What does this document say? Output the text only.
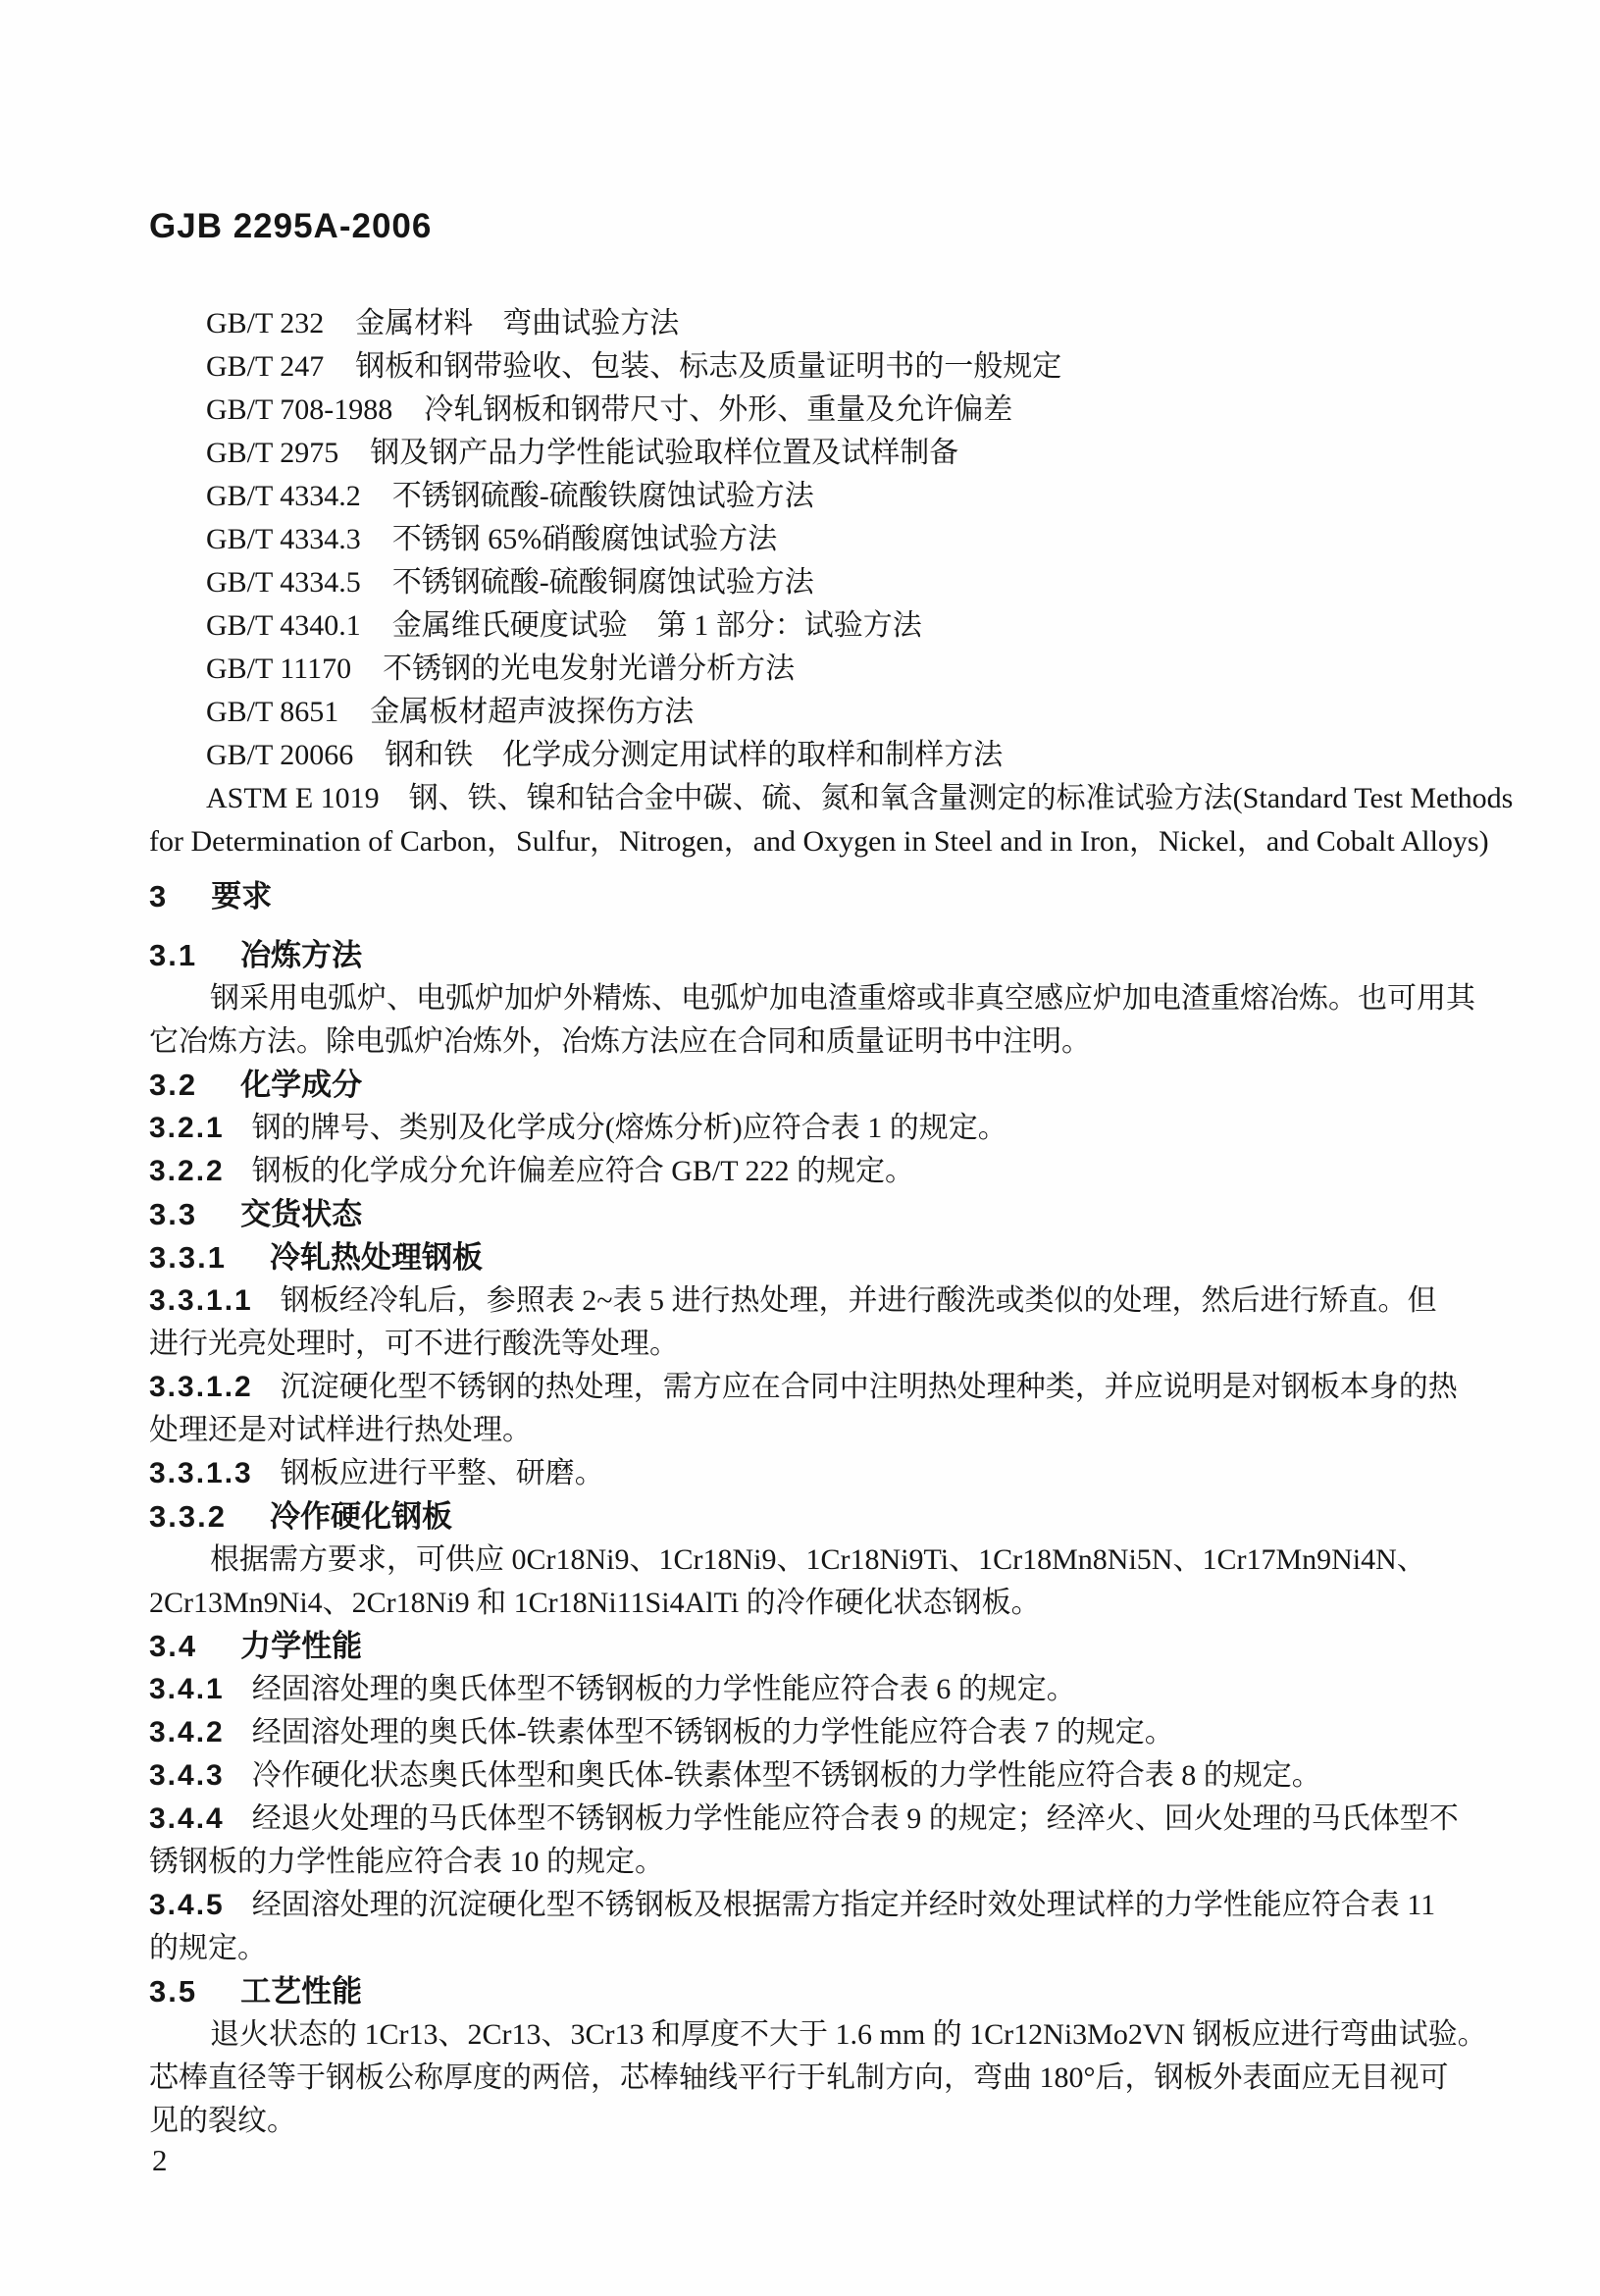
GJB 2295A-2006
GB/T 232 金属材料　弯曲试验方法
GB/T 247 钢板和钢带验收、包装、标志及质量证明书的一般规定
GB/T 708-1988 冷轧钢板和钢带尺寸、外形、重量及允许偏差
GB/T 2975 钢及钢产品力学性能试验取样位置及试样制备
GB/T 4334.2 不锈钢硫酸-硫酸铁腐蚀试验方法
GB/T 4334.3 不锈钢 65%硝酸腐蚀试验方法
GB/T 4334.5 不锈钢硫酸-硫酸铜腐蚀试验方法
GB/T 4340.1 金属维氏硬度试验　第 1 部分：试验方法
GB/T 11170 不锈钢的光电发射光谱分析方法
GB/T 8651 金属板材超声波探伤方法
GB/T 20066 钢和铁　化学成分测定用试样的取样和制样方法
ASTM E 1019 钢、铁、镍和钴合金中碳、硫、氮和氧含量测定的标准试验方法(Standard Test Methods
for Determination of Carbon，Sulfur，Nitrogen，and Oxygen in Steel and in Iron，Nickel，and Cobalt Alloys)
3 要求
3.1 冶炼方法
钢采用电弧炉、电弧炉加炉外精炼、电弧炉加电渣重熔或非真空感应炉加电渣重熔冶炼。也可用其
它冶炼方法。除电弧炉冶炼外，冶炼方法应在合同和质量证明书中注明。
3.2 化学成分
3.2.1 钢的牌号、类别及化学成分(熔炼分析)应符合表 1 的规定。
3.2.2 钢板的化学成分允许偏差应符合 GB/T 222 的规定。
3.3 交货状态
3.3.1 冷轧热处理钢板
3.3.1.1 钢板经冷轧后，参照表 2~表 5 进行热处理，并进行酸洗或类似的处理，然后进行矫直。但
进行光亮处理时，可不进行酸洗等处理。
3.3.1.2 沉淀硬化型不锈钢的热处理，需方应在合同中注明热处理种类，并应说明是对钢板本身的热
处理还是对试样进行热处理。
3.3.1.3 钢板应进行平整、研磨。
3.3.2 冷作硬化钢板
根据需方要求，可供应 0Cr18Ni9、1Cr18Ni9、1Cr18Ni9Ti、1Cr18Mn8Ni5N、1Cr17Mn9Ni4N、
2Cr13Mn9Ni4、2Cr18Ni9 和 1Cr18Ni11Si4AlTi 的冷作硬化状态钢板。
3.4 力学性能
3.4.1 经固溶处理的奥氏体型不锈钢板的力学性能应符合表 6 的规定。
3.4.2 经固溶处理的奥氏体-铁素体型不锈钢板的力学性能应符合表 7 的规定。
3.4.3 冷作硬化状态奥氏体型和奥氏体-铁素体型不锈钢板的力学性能应符合表 8 的规定。
3.4.4 经退火处理的马氏体型不锈钢板力学性能应符合表 9 的规定；经淬火、回火处理的马氏体型不
锈钢板的力学性能应符合表 10 的规定。
3.4.5 经固溶处理的沉淀硬化型不锈钢板及根据需方指定并经时效处理试样的力学性能应符合表 11
的规定。
3.5 工艺性能
退火状态的 1Cr13、2Cr13、3Cr13 和厚度不大于 1.6 mm 的 1Cr12Ni3Mo2VN 钢板应进行弯曲试验。
芯棒直径等于钢板公称厚度的两倍，芯棒轴线平行于轧制方向，弯曲 180°后，钢板外表面应无目视可
见的裂纹。
2
